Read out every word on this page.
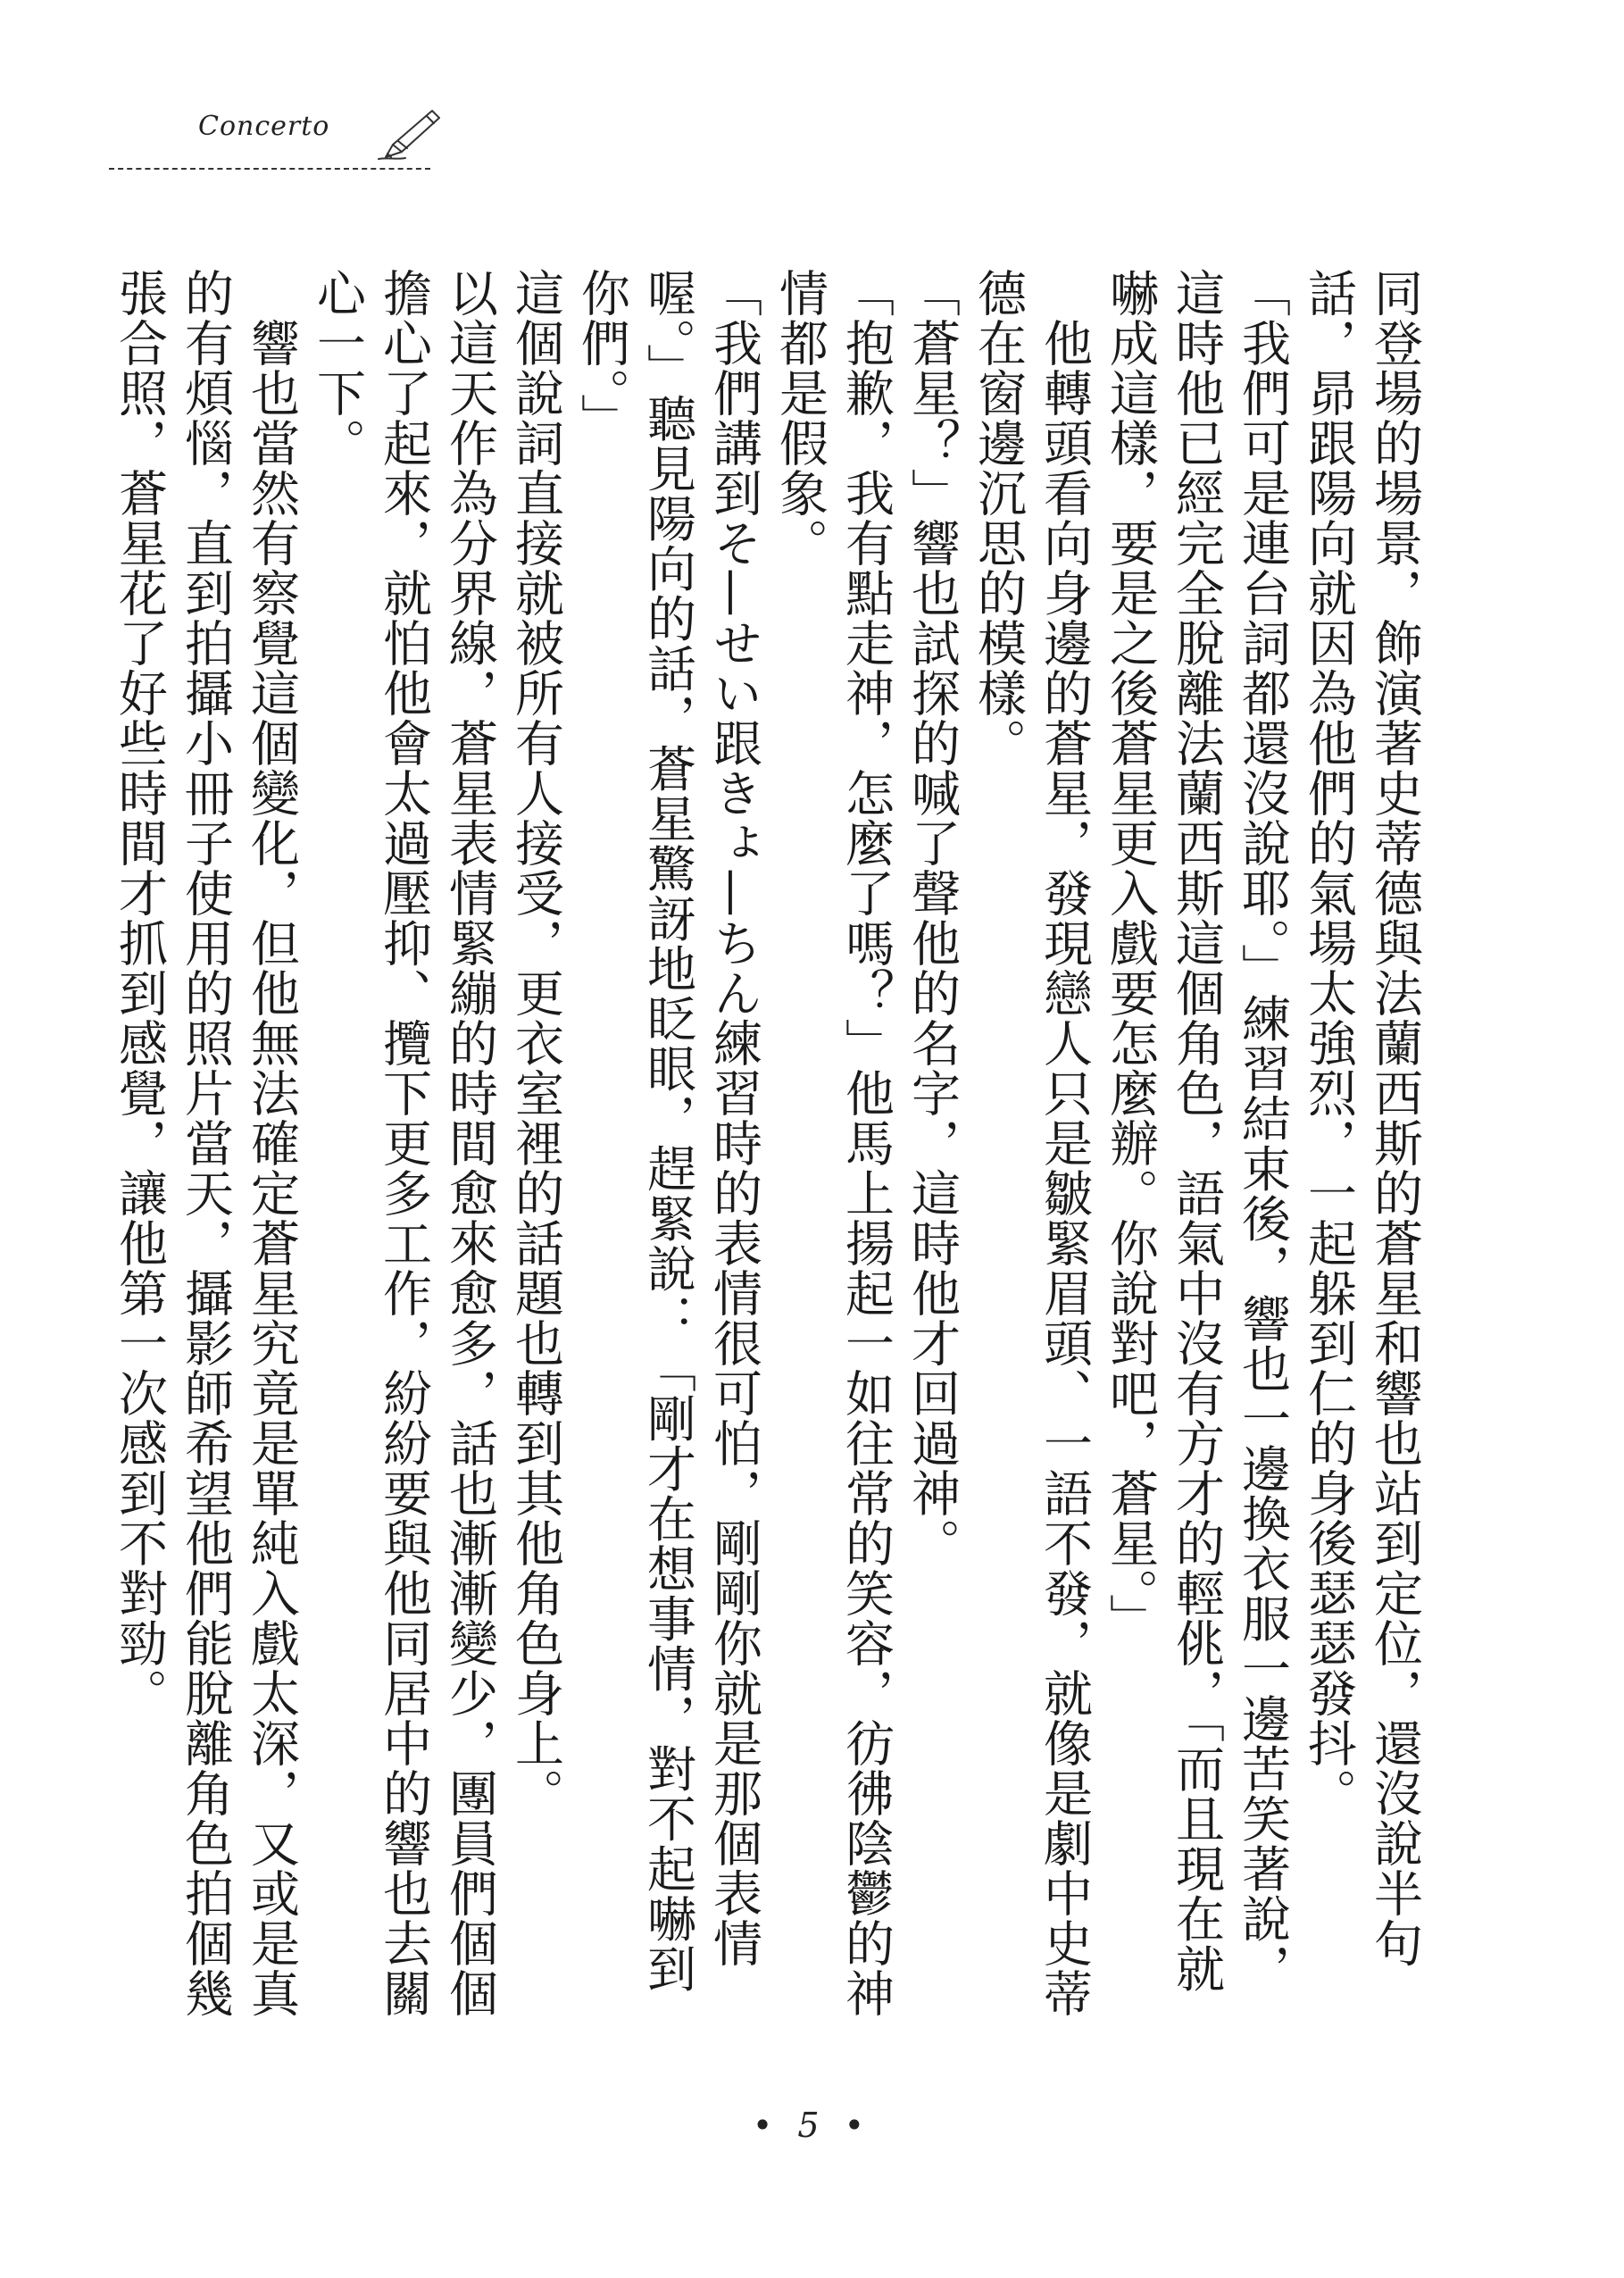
Concerto

同登場的場景，飾演著史蒂德與法蘭西斯的蒼星和響也站到定位，還沒說半句話，昴跟陽向就因為他們的氣場太強烈，一起躲到仁的身後瑟瑟發抖。

「我們可是連台詞都還沒說耶。」練習結束後，響也一邊換衣服一邊苦笑著說，這時他已經完全脫離法蘭西斯這個角色，語氣中沒有方才的輕佻，「而且現在就嚇成這樣，要是之後蒼星更入戲要怎麼辦。你說對吧，蒼星。」

　他轉頭看向身邊的蒼星，發現戀人只是皺緊眉頭、一語不發，就像是劇中史蒂德在窗邊沉思的模樣。

「蒼星？」響也試探的喊了聲他的名字，這時他才回過神。

「抱歉，我有點走神，怎麼了嗎？」他馬上揚起一如往常的笑容，彷彿陰鬱的神情都是假象。

「我們講到そ—せい跟きょ—ちん練習時的表情很可怕，剛剛你就是那個表情喔。」聽見陽向的話，蒼星驚訝地眨眼，趕緊說：「剛才在想事情，對不起嚇到你們。」

這個說詞直接就被所有人接受，更衣室裡的話題也轉到其他角色身上。

以這天作為分界線，蒼星表情緊繃的時間愈來愈多，話也漸漸變少，團員們個個擔心了起來，就怕他會太過壓抑、攬下更多工作，紛紛要與他同居中的響也去關心一下。

　響也當然有察覺這個變化，但他無法確定蒼星究竟是單純入戲太深，又或是真的有煩惱，直到拍攝小冊子使用的照片當天，攝影師希望他們能脫離角色拍個幾張合照，蒼星花了好些時間才抓到感覺，讓他第一次感到不對勁。

• 5 •
